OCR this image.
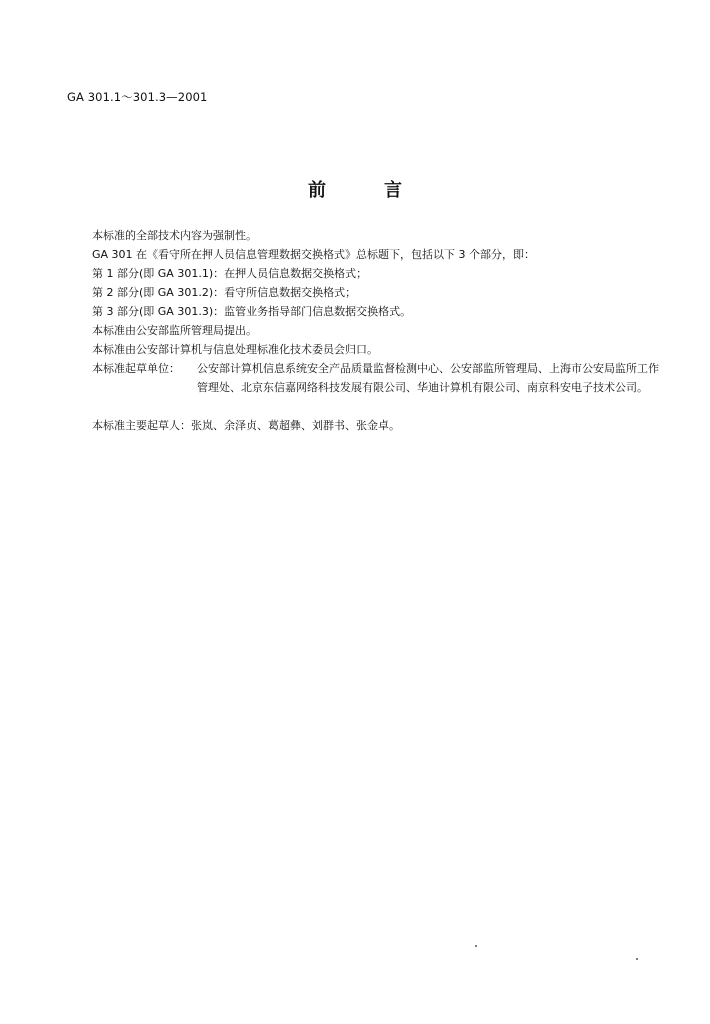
GA 301.1～301.3—2001
前言
本标准的全部技术内容为强制性。
GA 301 在《看守所在押人员信息管理数据交换格式》总标题下，包括以下 3 个部分，即：
第 1 部分(即 GA 301.1)：在押人员信息数据交换格式；
第 2 部分(即 GA 301.2)：看守所信息数据交换格式；
第 3 部分(即 GA 301.3)：监管业务指导部门信息数据交换格式。
本标准由公安部监所管理局提出。
本标准由公安部计算机与信息处理标准化技术委员会归口。
本标准起草单位： 公安部计算机信息系统安全产品质量监督检测中心、公安部监所管理局、上海市公安局监所工作管理处、北京东信嘉网络科技发展有限公司、华迪计算机有限公司、南京科安电子技术公司。
本标准主要起草人：张岚、余泽贞、葛超彝、刘群书、张金卓。
